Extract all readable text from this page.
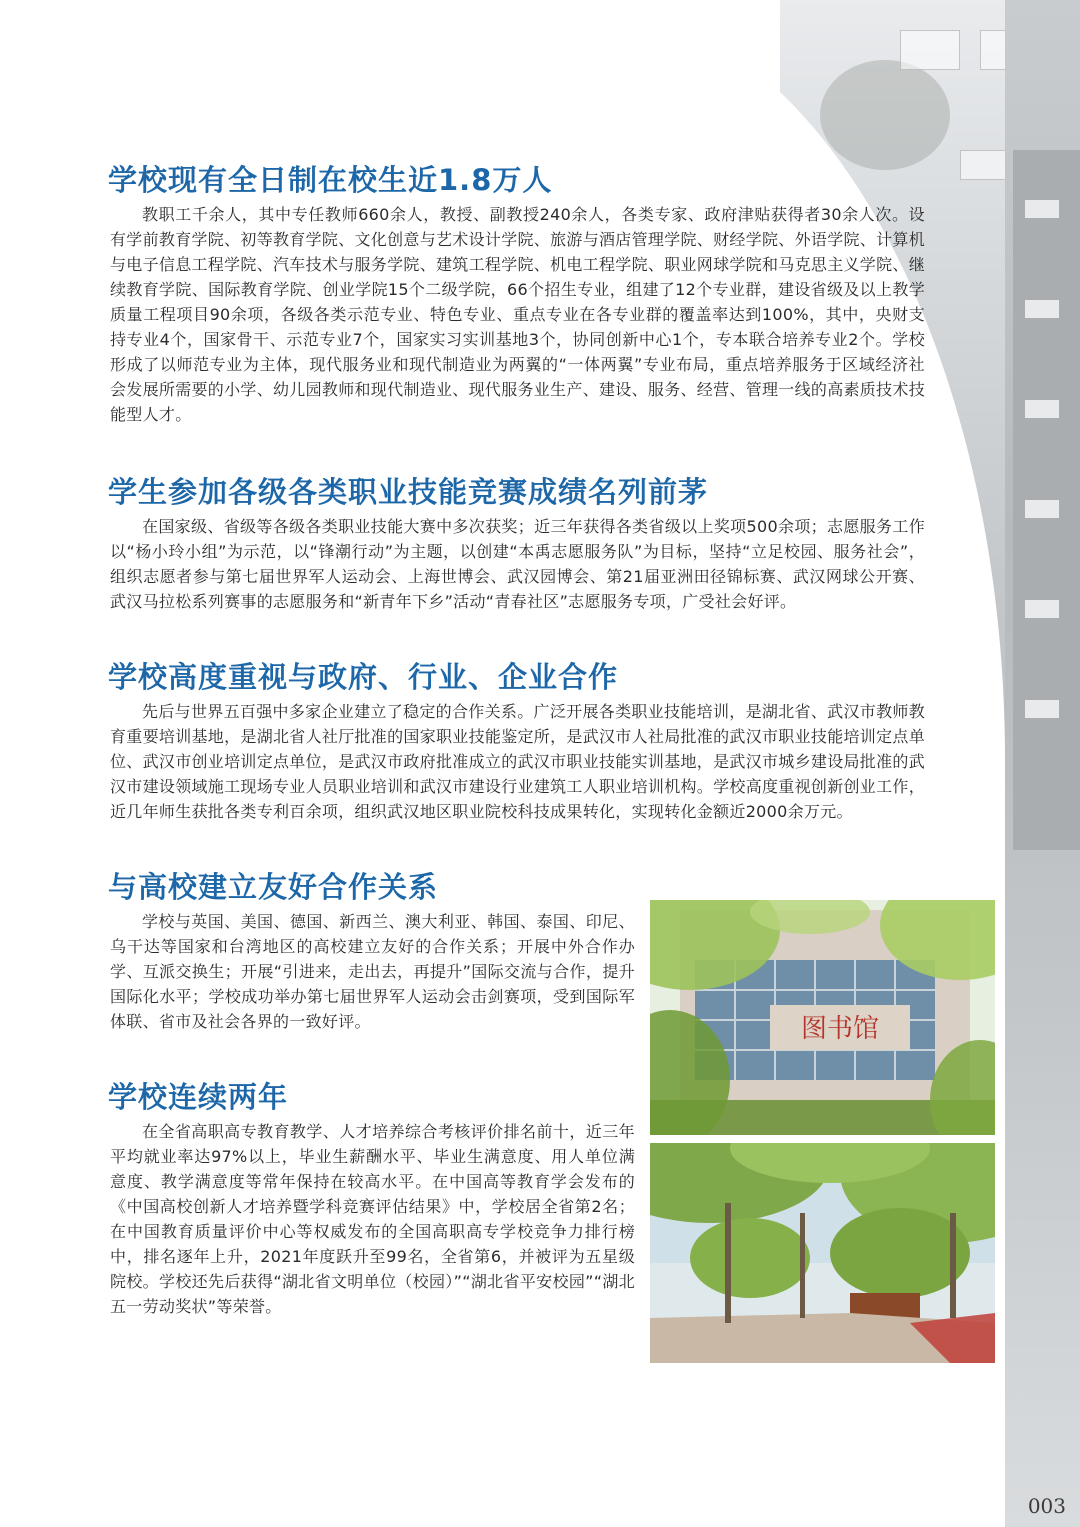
学校现有全日制在校生近1.8万人

教职工千余人，其中专任教师660余人，教授、副教授240余人，各类专家、政府津贴获得者30余人次。设有学前教育学院、初等教育学院、文化创意与艺术设计学院、旅游与酒店管理学院、财经学院、外语学院、计算机与电子信息工程学院、汽车技术与服务学院、建筑工程学院、机电工程学院、职业网球学院和马克思主义学院、继续教育学院、国际教育学院、创业学院15个二级学院，66个招生专业，组建了12个专业群，建设省级及以上教学质量工程项目90余项，各级各类示范专业、特色专业、重点专业在各专业群的覆盖率达到100%，其中，央财支持专业4个，国家骨干、示范专业7个，国家实习实训基地3个，协同创新中心1个，专本联合培养专业2个。学校形成了以师范专业为主体，现代服务业和现代制造业为两翼的“一体两翼”专业布局，重点培养服务于区域经济社会发展所需要的小学、幼儿园教师和现代制造业、现代服务业生产、建设、服务、经营、管理一线的高素质技术技能型人才。

学生参加各级各类职业技能竞赛成绩名列前茅

在国家级、省级等各级各类职业技能大赛中多次获奖；近三年获得各类省级以上奖项500余项；志愿服务工作以“杨小玲小组”为示范，以“锋潮行动”为主题，以创建“本禹志愿服务队”为目标，坚持“立足校园、服务社会”，组织志愿者参与第七届世界军人运动会、上海世博会、武汉园博会、第21届亚洲田径锦标赛、武汉网球公开赛、武汉马拉松系列赛事的志愿服务和“新青年下乡”活动“青春社区”志愿服务专项，广受社会好评。

学校高度重视与政府、行业、企业合作

先后与世界五百强中多家企业建立了稳定的合作关系。广泛开展各类职业技能培训，是湖北省、武汉市教师教育重要培训基地，是湖北省人社厅批准的国家职业技能鉴定所，是武汉市人社局批准的武汉市职业技能培训定点单位、武汉市创业培训定点单位，是武汉市政府批准成立的武汉市职业技能实训基地，是武汉市城乡建设局批准的武汉市建设领域施工现场专业人员职业培训和武汉市建设行业建筑工人职业培训机构。学校高度重视创新创业工作，近几年师生获批各类专利百余项，组织武汉地区职业院校科技成果转化，实现转化金额近2000余万元。

与高校建立友好合作关系

学校与英国、美国、德国、新西兰、澳大利亚、韩国、泰国、印尼、乌干达等国家和台湾地区的高校建立友好的合作关系；开展中外合作办学、互派交换生；开展“引进来，走出去，再提升”国际交流与合作，提升国际化水平；学校成功举办第七届世界军人运动会击剑赛项，受到国际军体联、省市及社会各界的一致好评。

学校连续两年

在全省高职高专教育教学、人才培养综合考核评价排名前十，近三年平均就业率达97%以上，毕业生薪酬水平、毕业生满意度、用人单位满意度、教学满意度等常年保持在较高水平。在中国高等教育学会发布的《中国高校创新人才培养暨学科竞赛评估结果》中，学校居全省第2名；在中国教育质量评价中心等权威发布的全国高职高专学校竞争力排行榜中，排名逐年上升，2021年度跃升至99名，全省第6，并被评为五星级院校。学校还先后获得“湖北省文明单位（校园）”“湖北省平安校园”“湖北五一劳动奖状”等荣誉。

图书馆
003
